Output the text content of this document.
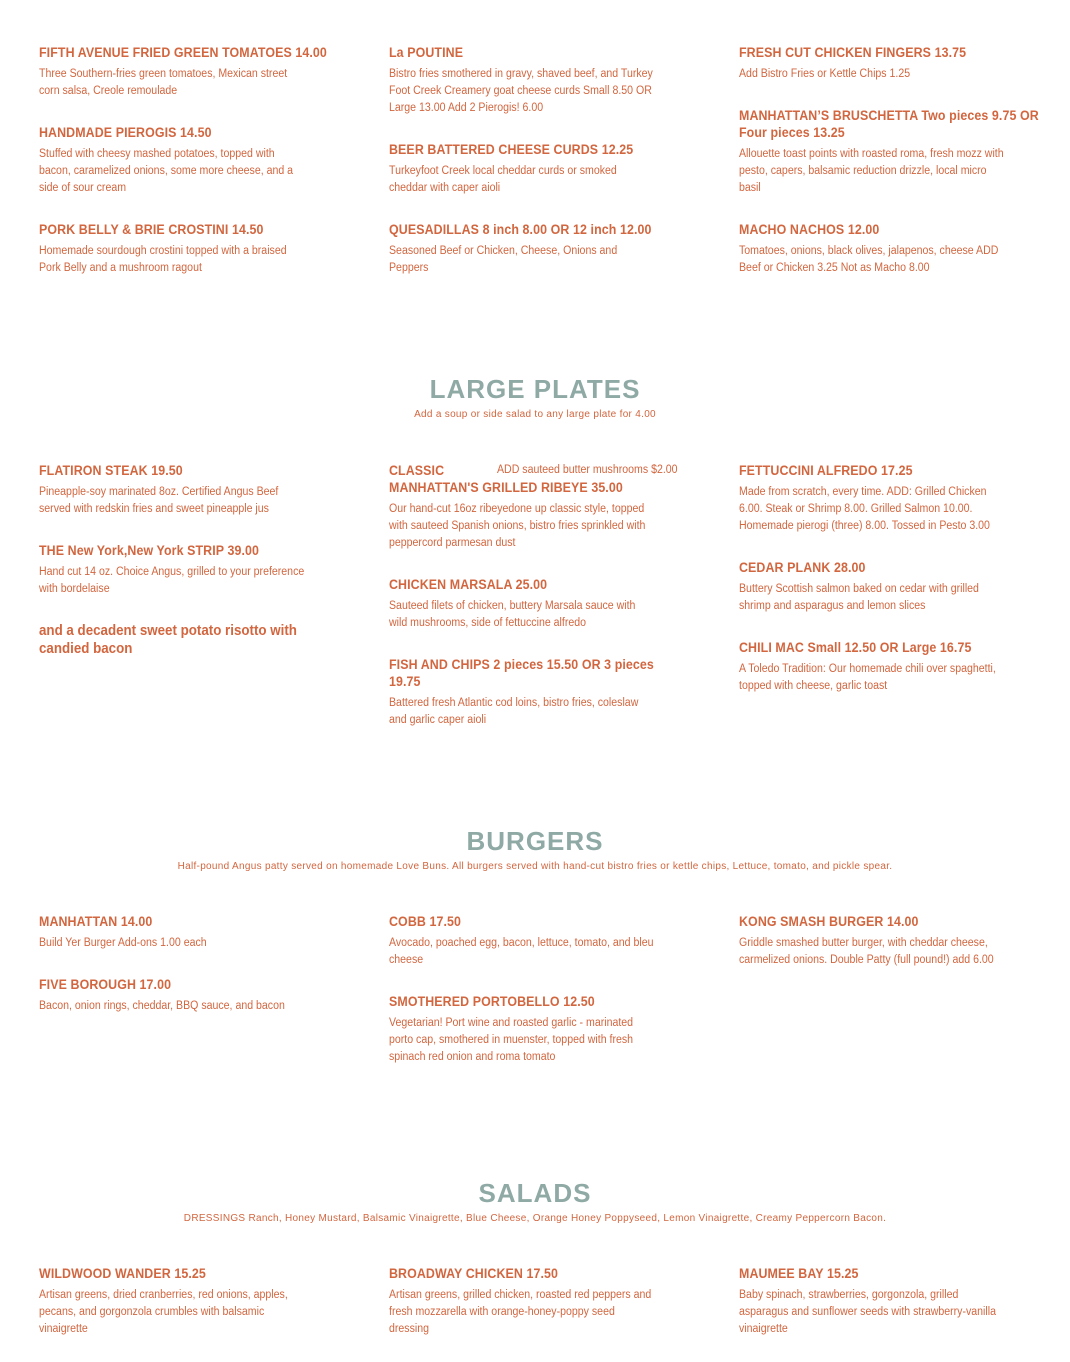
FIFTH AVENUE FRIED GREEN TOMATOES 14.00
Three Southern-fries green tomatoes, Mexican street corn salsa, Creole remoulade
HANDMADE PIEROGIS 14.50
Stuffed with cheesy mashed potatoes, topped with bacon, caramelized onions, some more cheese, and a side of sour cream
PORK BELLY & BRIE CROSTINI 14.50
Homemade sourdough crostini topped with a braised Pork Belly and a mushroom ragout
La POUTINE
Bistro fries smothered in gravy, shaved beef, and Turkey Foot Creek Creamery goat cheese curds Small 8.50 OR Large 13.00 Add 2 Pierogis! 6.00
BEER BATTERED CHEESE CURDS 12.25
Turkeyfoot Creek local cheddar curds or smoked cheddar with caper aioli
QUESADILLAS 8 inch 8.00 OR 12 inch 12.00
Seasoned Beef or Chicken, Cheese, Onions and Peppers
FRESH CUT CHICKEN FINGERS 13.75
Add Bistro Fries or Kettle Chips 1.25
MANHATTAN’S BRUSCHETTA Two pieces 9.75 OR Four pieces 13.25
Allouette toast points with roasted roma, fresh mozz with pesto, capers, balsamic reduction drizzle, local micro basil
MACHO NACHOS 12.00
Tomatoes, onions, black olives, jalapenos, cheese ADD Beef or Chicken 3.25 Not as Macho 8.00
LARGE PLATES
Add a soup or side salad to any large plate for 4.00
ADD sauteed butter mushrooms $2.00
FLATIRON STEAK 19.50
Pineapple-soy marinated 8oz. Certified Angus Beef served with redskin fries and sweet pineapple jus
THE New York,New York STRIP 39.00
Hand cut 14 oz. Choice Angus, grilled to your preference with bordelaise
and a decadent sweet potato risotto with candied bacon
CLASSIC
MANHATTAN'S GRILLED RIBEYE 35.00
Our hand-cut 16oz ribeyedone up classic style, topped with sauteed Spanish onions, bistro fries sprinkled with peppercord parmesan dust
CHICKEN MARSALA 25.00
Sauteed filets of chicken, buttery Marsala sauce with wild mushrooms, side of fettuccine alfredo
FISH AND CHIPS 2 pieces 15.50 OR 3 pieces 19.75
Battered fresh Atlantic cod loins, bistro fries, coleslaw and garlic caper aioli
FETTUCCINI ALFREDO 17.25
Made from scratch, every time. ADD: Grilled Chicken 6.00. Steak or Shrimp 8.00. Grilled Salmon 10.00. Homemade pierogi (three) 8.00. Tossed in Pesto 3.00
CEDAR PLANK 28.00
Buttery Scottish salmon baked on cedar with grilled shrimp and asparagus and lemon slices
CHILI MAC Small 12.50 OR Large 16.75
A Toledo Tradition: Our homemade chili over spaghetti, topped with cheese, garlic toast
BURGERS
Half-pound Angus patty served on homemade Love Buns. All burgers served with hand-cut bistro fries or kettle chips, Lettuce, tomato, and pickle spear.
MANHATTAN 14.00
Build Yer Burger Add-ons 1.00 each
FIVE BOROUGH 17.00
Bacon, onion rings, cheddar, BBQ sauce, and bacon
COBB 17.50
Avocado, poached egg, bacon, lettuce, tomato, and bleu cheese
SMOTHERED PORTOBELLO 12.50
Vegetarian! Port wine and roasted garlic - marinated porto cap, smothered in muenster, topped with fresh spinach red onion and roma tomato
KONG SMASH BURGER 14.00
Griddle smashed butter burger, with cheddar cheese, carmelized onions. Double Patty (full pound!) add 6.00
SALADS
DRESSINGS Ranch, Honey Mustard, Balsamic Vinaigrette, Blue Cheese, Orange Honey Poppyseed, Lemon Vinaigrette, Creamy Peppercorn Bacon.
WILDWOOD WANDER 15.25
Artisan greens, dried cranberries, red onions, apples, pecans, and gorgonzola crumbles with balsamic vinaigrette
BROADWAY CHICKEN 17.50
Artisan greens, grilled chicken, roasted red peppers and fresh mozzarella with orange-honey-poppy seed dressing
MAUMEE BAY 15.25
Baby spinach, strawberries, gorgonzola, grilled asparagus and sunflower seeds with strawberry-vanilla vinaigrette
